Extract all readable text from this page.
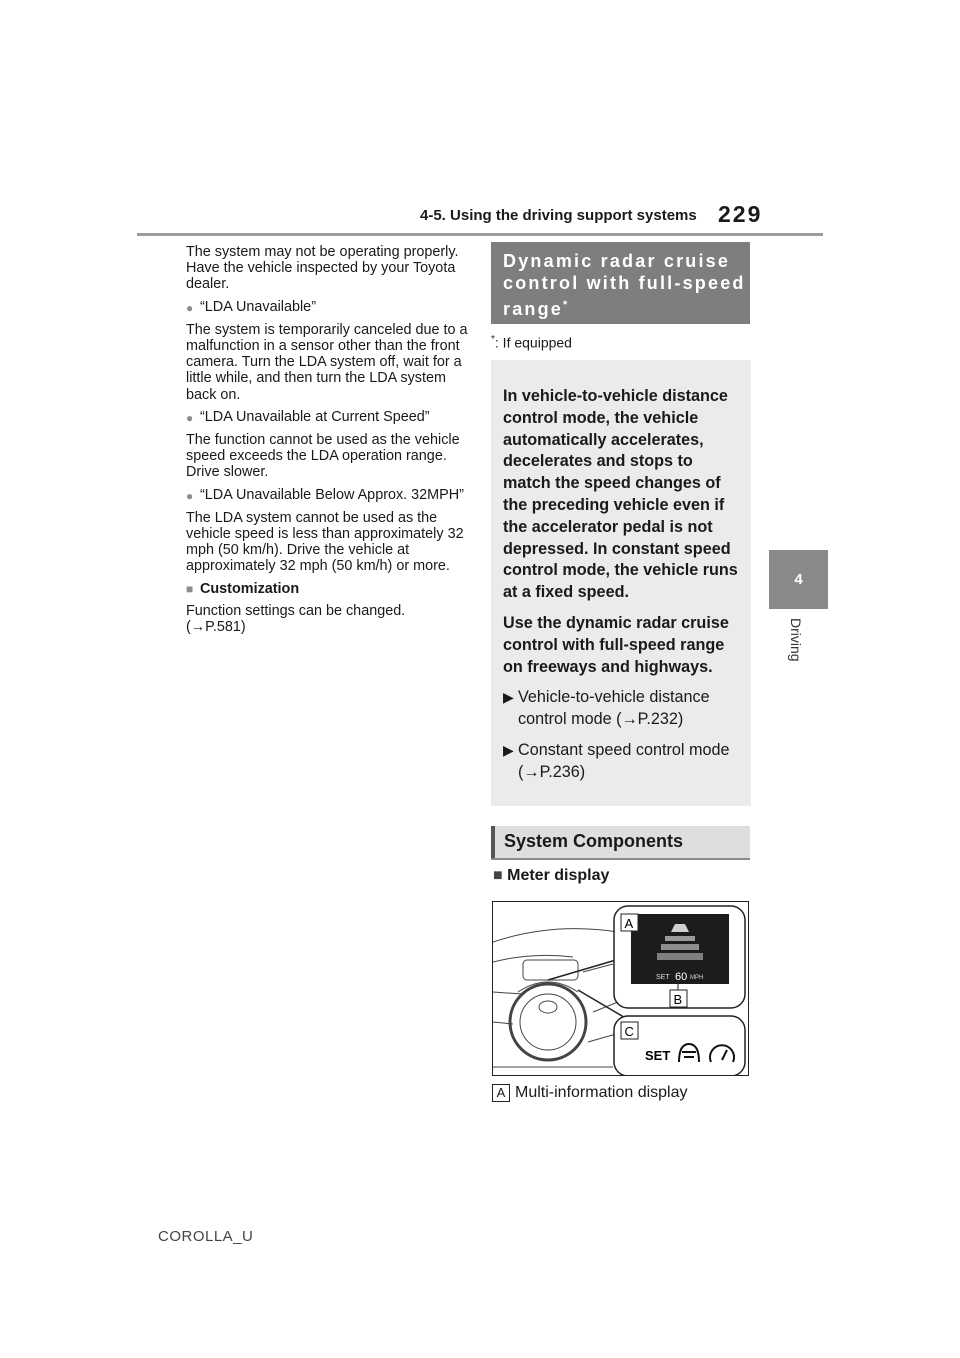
4-5. Using the driving support systems 229
4
Driving

The system may not be operating properly. Have the vehicle inspected by your Toyota dealer.

● “LDA Unavailable”

The system is temporarily canceled due to a malfunction in a sensor other than the front camera. Turn the LDA system off, wait for a little while, and then turn the LDA system back on.

● “LDA Unavailable at Current Speed”

The function cannot be used as the vehicle speed exceeds the LDA operation range. Drive slower.

● “LDA Unavailable Below Approx. 32MPH”

The LDA system cannot be used as the vehicle speed is less than approximately 32 mph (50 km/h). Drive the vehicle at approximately 32 mph (50 km/h) or more.

■ Customization

Function settings can be changed.
(→P.581)

Dynamic radar cruise control with full-speed range*
*: If equipped

In vehicle-to-vehicle distance control mode, the vehicle automatically accelerates, decelerates and stops to match the speed changes of the preceding vehicle even if the accelerator pedal is not depressed. In constant speed control mode, the vehicle runs at a fixed speed.

Use the dynamic radar cruise control with full-speed range on freeways and highways.

▶ Vehicle-to-vehicle distance control mode (→P.232)
▶ Constant speed control mode (→P.236)
System Components
■ Meter display
SET 60 MPH
A
B
C
SET
A Multi-information display
COROLLA_U
